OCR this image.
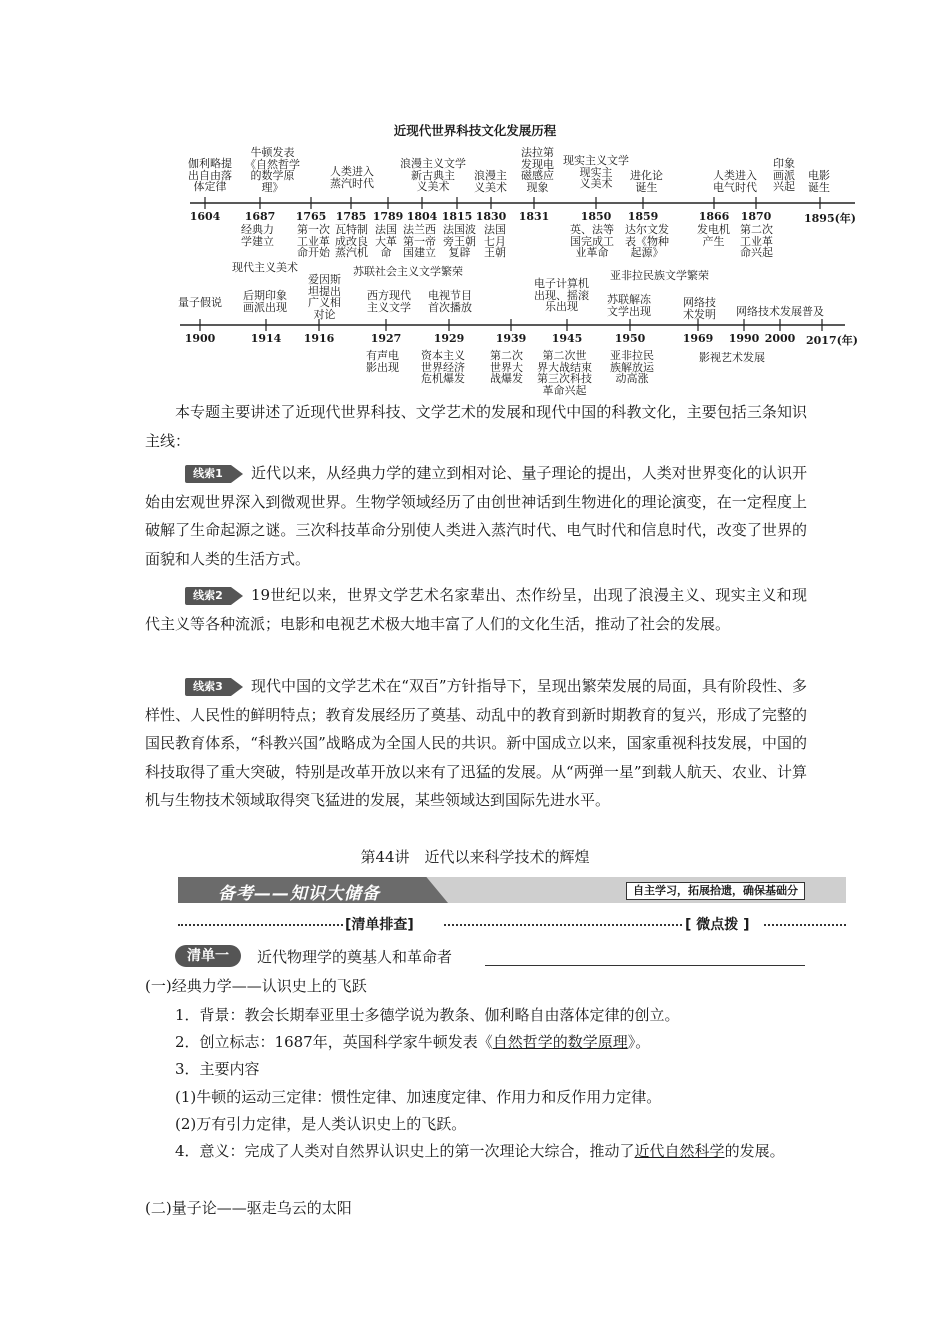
近现代世界科技文化发展历程
1604	1687	1765 1785 1789 1804 1815 1830	1831	1850	1859	1866	1870	1895(年)
1900	1914	1916	1927	1929	1939	1945	1950	1969	1990 2000 2017(年)
伽利略提
出自由落
体定律
牛顿发表
《自然哲学
的数学原
理》
人类进入
蒸汽时代
浪漫主义文学
新古典主
义美术
浪漫主
义美术
法拉第
发现电
磁感应
现象
现实主义文学
现实主
义美术
进化论
诞生
人类进入
电气时代
印象
画派
兴起
电影
诞生
经典力
学建立
第一次
工业革
命开始
瓦特制
成改良
蒸汽机
法国
大革
命
法兰西
第一帝
国建立
法国波
旁王朝
复辟
法国
七月
王朝
英、法等
国完成工
业革命
达尔文发
表《物种
起源》
发电机
产生
第二次
工业革
命兴起
现代主义美术
量子假说
后期印象
画派出现
爱因斯
坦提出
广义相
对论
苏联社会主义文学繁荣
西方现代
主义文学
电视节目
首次播放
电子计算机
出现、摇滚
乐出现
亚非拉民族文学繁荣
苏联解冻
文学出现
网络技
术发明 网络技术发展普及
有声电
影出现
资本主义
世界经济
危机爆发
第二次
世界大
战爆发
第二次世
界大战结束
第三次科技
革命兴起
亚非拉民
族解放运
动高涨
影视艺术发展

本专题主要讲述了近现代世界科技、文学艺术的发展和现代中国的科教文化，主要包括三条知识主线：

线索1 近代以来，从经典力学的建立到相对论、量子理论的提出，人类对世界变化的认识开始由宏观世界深入到微观世界。生物学领域经历了由创世神话到生物进化的理论演变，在一定程度上破解了生命起源之谜。三次科技革命分别使人类进入蒸汽时代、电气时代和信息时代，改变了世界的面貌和人类的生活方式。

线索2 19世纪以来，世界文学艺术名家辈出、杰作纷呈，出现了浪漫主义、现实主义和现代主义等各种流派；电影和电视艺术极大地丰富了人们的文化生活，推动了社会的发展。

线索3 现代中国的文学艺术在“双百”方针指导下，呈现出繁荣发展的局面，具有阶段性、多样性、人民性的鲜明特点；教育发展经历了奠基、动乱中的教育到新时期教育的复兴，形成了完整的国民教育体系，“科教兴国”战略成为全国人民的共识。新中国成立以来，国家重视科技发展，中国的科技取得了重大突破，特别是改革开放以来有了迅猛的发展。从“两弹一星”到载人航天、农业、计算机与生物技术领域取得突飞猛进的发展，某些领域达到国际先进水平。

第44讲　近代以来科学技术的辉煌
备考——知识大储备	自主学习，拓展拾遗，确保基础分
[清单排查]	[ 微点拨 ]
清单一	近代物理学的奠基人和革命者
(一)经典力学——认识史上的飞跃
1．背景：教会长期奉亚里士多德学说为教条、伽利略自由落体定律的创立。
2．创立标志：1687年，英国科学家牛顿发表《自然哲学的数学原理》。
3．主要内容
(1)牛顿的运动三定律：惯性定律、加速度定律、作用力和反作用力定律。
(2)万有引力定律，是人类认识史上的飞跃。
4．意义：完成了人类对自然界认识史上的第一次理论大综合，推动了近代自然科学的发展。
(二)量子论——驱走乌云的太阳
